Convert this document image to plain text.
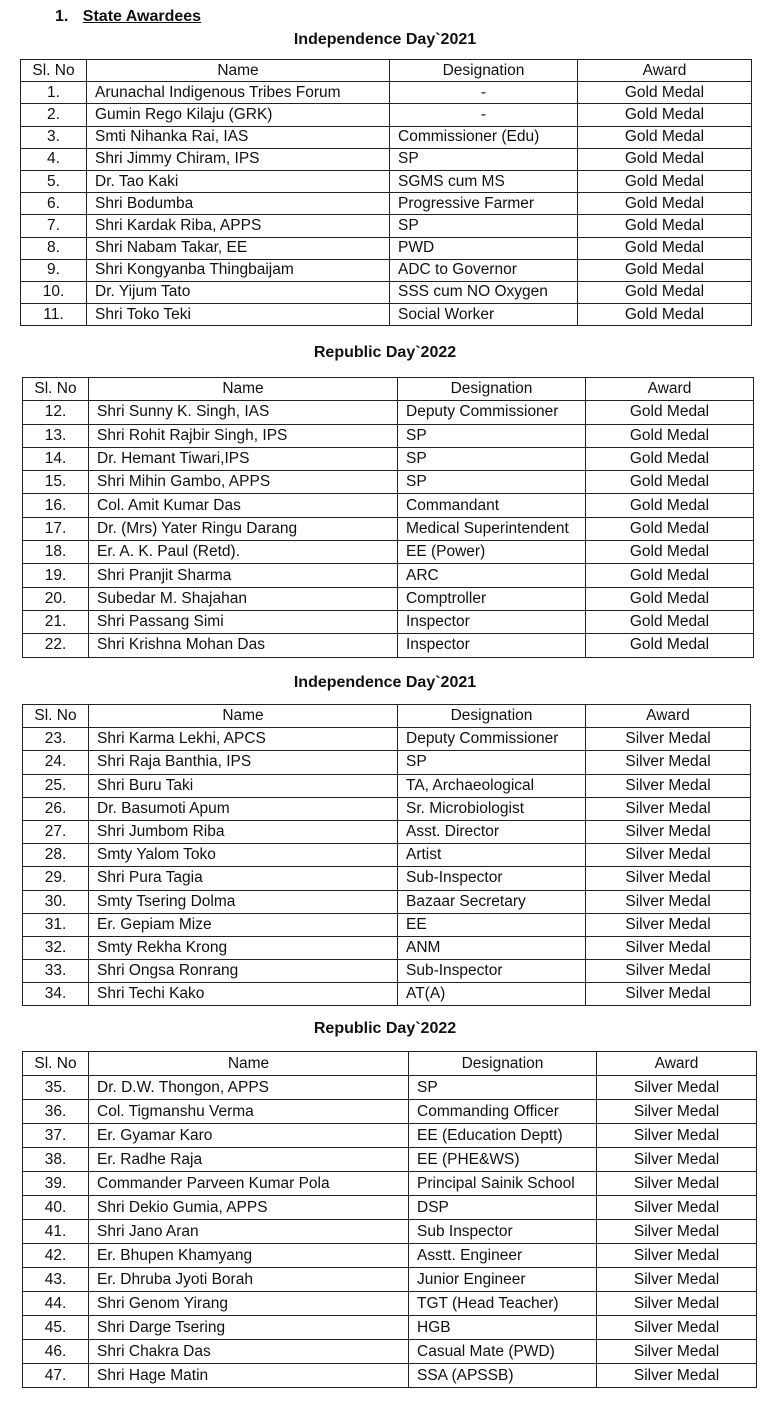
1. State Awardees
Independence Day`2021
Sl. No	Name	Designation	Award
1.	Arunachal Indigenous Tribes Forum	-	Gold Medal
2.	Gumin Rego Kilaju (GRK)	-	Gold Medal
3.	Smti Nihanka Rai, IAS	Commissioner (Edu)	Gold Medal
4.	Shri Jimmy Chiram, IPS	SP	Gold Medal
5.	Dr. Tao Kaki	SGMS cum MS	Gold Medal
6.	Shri Bodumba	Progressive Farmer	Gold Medal
7.	Shri Kardak Riba, APPS	SP	Gold Medal
8.	Shri Nabam Takar, EE	PWD	Gold Medal
9.	Shri Kongyanba Thingbaijam	ADC to Governor	Gold Medal
10.	Dr. Yijum Tato	SSS cum NO Oxygen	Gold Medal
11.	Shri Toko Teki	Social Worker	Gold Medal
Republic Day`2022
Sl. No	Name	Designation	Award
12.	Shri Sunny K. Singh, IAS	Deputy Commissioner	Gold Medal
13.	Shri Rohit Rajbir Singh, IPS	SP	Gold Medal
14.	Dr. Hemant Tiwari,IPS	SP	Gold Medal
15.	Shri Mihin Gambo, APPS	SP	Gold Medal
16.	Col. Amit Kumar Das	Commandant	Gold Medal
17.	Dr. (Mrs) Yater Ringu Darang	Medical Superintendent	Gold Medal
18.	Er. A. K. Paul (Retd).	EE (Power)	Gold Medal
19.	Shri Pranjit Sharma	ARC	Gold Medal
20.	Subedar M. Shajahan	Comptroller	Gold Medal
21.	Shri Passang Simi	Inspector	Gold Medal
22.	Shri Krishna Mohan Das	Inspector	Gold Medal
Independence Day`2021
Sl. No	Name	Designation	Award
23.	Shri Karma Lekhi, APCS	Deputy Commissioner	Silver Medal
24.	Shri Raja Banthia, IPS	SP	Silver Medal
25.	Shri Buru Taki	TA, Archaeological	Silver Medal
26.	Dr. Basumoti Apum	Sr. Microbiologist	Silver Medal
27.	Shri Jumbom Riba	Asst. Director	Silver Medal
28.	Smty Yalom Toko	Artist	Silver Medal
29.	Shri Pura Tagia	Sub-Inspector	Silver Medal
30.	Smty Tsering Dolma	Bazaar Secretary	Silver Medal
31.	Er. Gepiam Mize	EE	Silver Medal
32.	Smty Rekha Krong	ANM	Silver Medal
33.	Shri Ongsa Ronrang	Sub-Inspector	Silver Medal
34.	Shri Techi Kako	AT(A)	Silver Medal
Republic Day`2022
Sl. No	Name	Designation	Award
35.	Dr. D.W. Thongon, APPS	SP	Silver Medal
36.	Col. Tigmanshu Verma	Commanding Officer	Silver Medal
37.	Er. Gyamar Karo	EE (Education Deptt)	Silver Medal
38.	Er. Radhe Raja	EE (PHE&WS)	Silver Medal
39.	Commander Parveen Kumar Pola	Principal Sainik School	Silver Medal
40.	Shri Dekio Gumia, APPS	DSP	Silver Medal
41.	Shri Jano Aran	Sub Inspector	Silver Medal
42.	Er. Bhupen Khamyang	Asstt. Engineer	Silver Medal
43.	Er. Dhruba Jyoti Borah	Junior Engineer	Silver Medal
44.	Shri Genom Yirang	TGT (Head Teacher)	Silver Medal
45.	Shri Darge Tsering	HGB	Silver Medal
46.	Shri Chakra Das	Casual Mate (PWD)	Silver Medal
47.	Shri Hage Matin	SSA (APSSB)	Silver Medal
